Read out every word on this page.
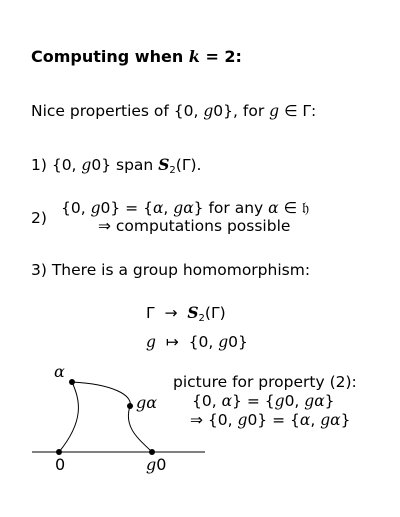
Computing when k = 2:
Nice properties of {0, g0}, for g ∈ Γ:
1) {0, g0} span $S_2(\Gamma)$.
2)
{0, g0} = {α, gα} for any α ∈ 𝔥
⇒ computations possible
3) There is a group homomorphism:
$\Gamma \to S_2(\Gamma)$
g  ↦  {0, g0}
α
gα
0	g0
picture for property (2):
{0, α} = {g0, gα}
⇒ {0, g0} = {α, gα}
